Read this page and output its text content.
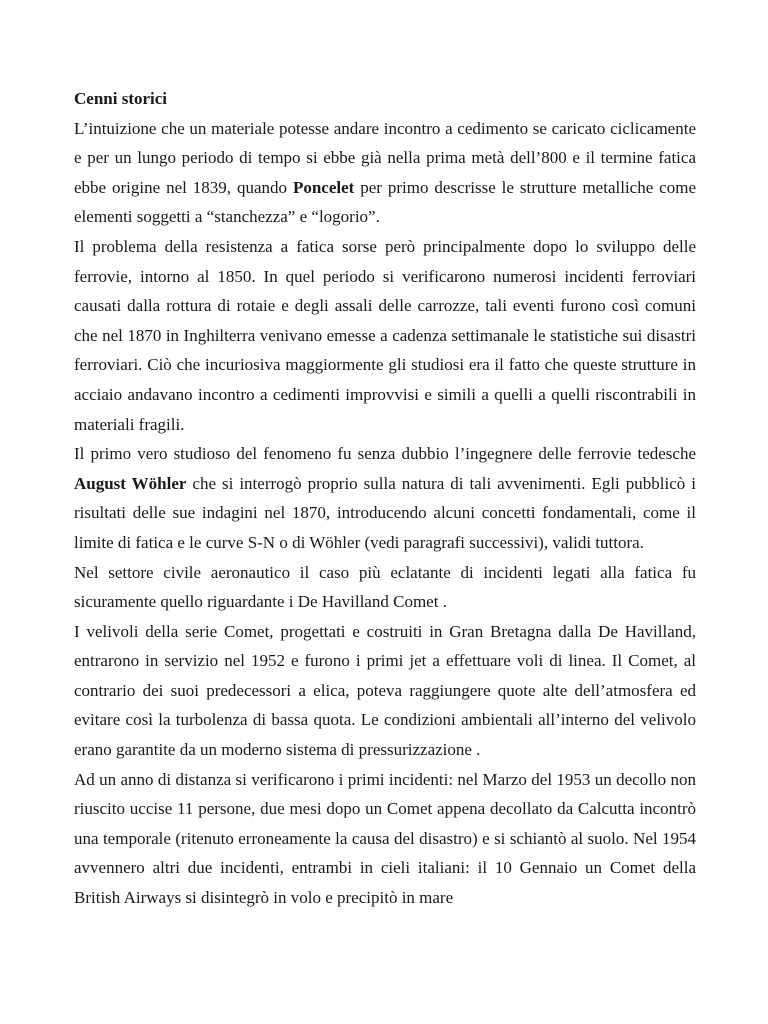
Cenni storici

L’intuizione che un materiale potesse andare incontro a cedimento se caricato ciclicamente e per un lungo periodo di tempo si ebbe già nella prima metà dell’800 e il termine fatica ebbe origine nel 1839, quando Poncelet per primo descrisse le strutture metalliche come elementi soggetti a “stanchezza” e “logorio”.

Il problema della resistenza a fatica sorse però principalmente dopo lo sviluppo delle ferrovie, intorno al 1850. In quel periodo si verificarono numerosi incidenti ferroviari causati dalla rottura di rotaie e degli assali delle carrozze, tali eventi furono così comuni che nel 1870 in Inghilterra venivano emesse a cadenza settimanale le statistiche sui disastri ferroviari. Ciò che incuriosiva maggiormente gli studiosi era il fatto che queste strutture in acciaio andavano incontro a cedimenti improvvisi e simili a quelli a quelli riscontrabili in materiali fragili.

Il primo vero studioso del fenomeno fu senza dubbio l’ingegnere delle ferrovie tedesche August Wöhler che si interrogò proprio sulla natura di tali avvenimenti. Egli pubblicò i risultati delle sue indagini nel 1870, introducendo alcuni concetti fondamentali, come il limite di fatica e le curve S-N o di Wöhler (vedi paragrafi successivi), validi tuttora.

Nel settore civile aeronautico il caso più eclatante di incidenti legati alla fatica fu sicuramente quello riguardante i De Havilland Comet .

I velivoli della serie Comet, progettati e costruiti in Gran Bretagna dalla De Havilland, entrarono in servizio nel 1952 e furono i primi jet a effettuare voli di linea. Il Comet, al contrario dei suoi predecessori a elica, poteva raggiungere quote alte dell’atmosfera ed evitare così la turbolenza di bassa quota. Le condizioni ambientali all’interno del velivolo erano garantite da un moderno sistema di pressurizzazione .

Ad un anno di distanza si verificarono i primi incidenti: nel Marzo del 1953 un decollo non riuscito uccise 11 persone, due mesi dopo un Comet appena decollato da Calcutta incontrò una temporale (ritenuto erroneamente la causa del disastro) e si schiantò al suolo. Nel 1954 avvennero altri due incidenti, entrambi in cieli italiani: il 10 Gennaio un Comet della British Airways si disintegrò in volo e precipitò in mare
